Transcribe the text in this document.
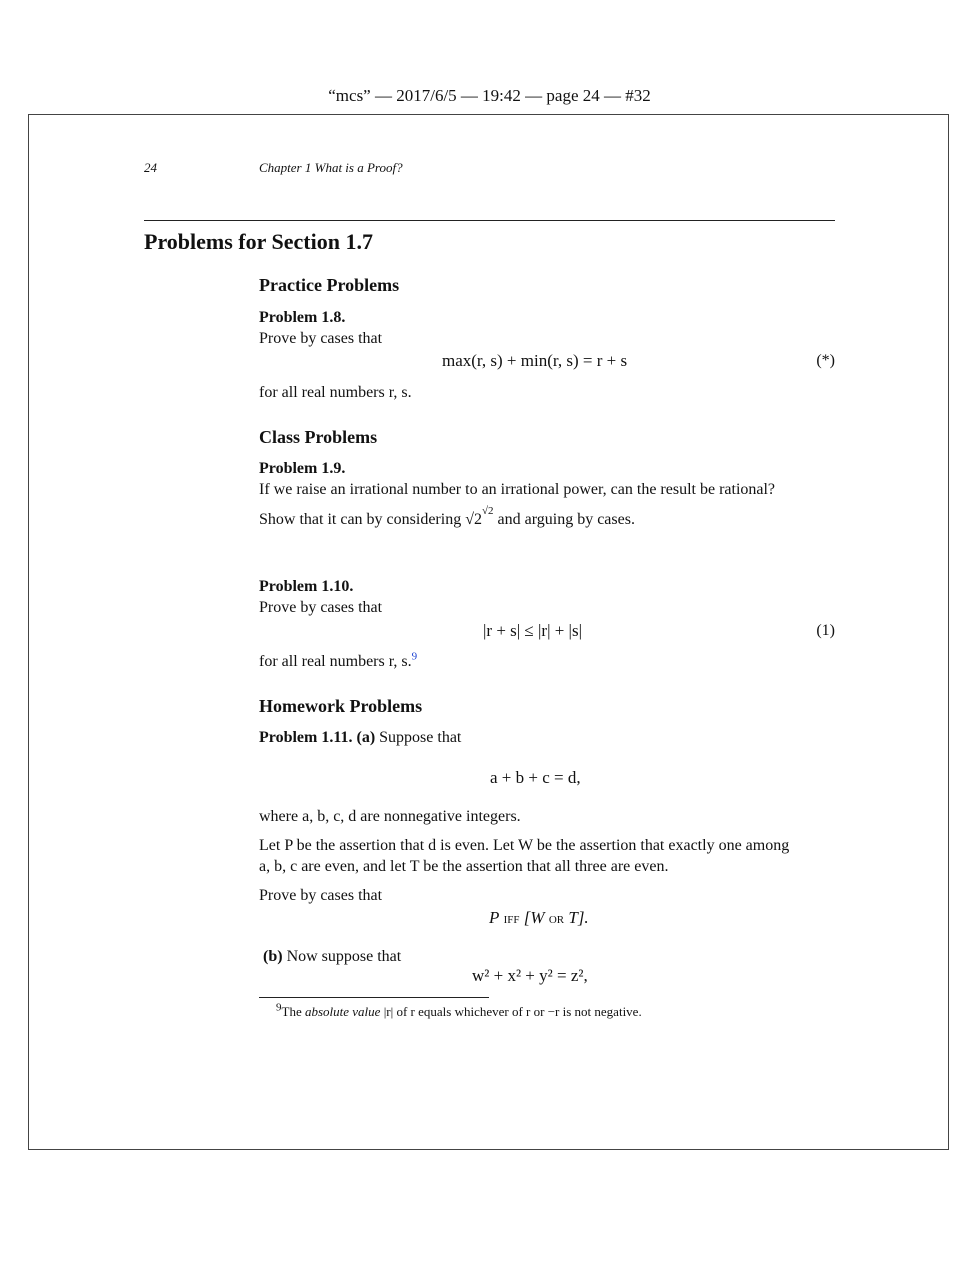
“mcs” — 2017/6/5 — 19:42 — page 24 — #32
24	Chapter 1 What is a Proof?
Problems for Section 1.7
Practice Problems
Problem 1.8.
Prove by cases that
max(r, s) + min(r, s) = r + s	(*)
for all real numbers r, s.
Class Problems
Problem 1.9.
If we raise an irrational number to an irrational power, can the result be rational?
Show that it can by considering $√2^{√2}$ and arguing by cases.
Problem 1.10.
Prove by cases that
|r + s| ≤ |r| + |s|	(1)
for all real numbers r, s.$^9$
Homework Problems
Problem 1.11. (a) Suppose that
a + b + c = d,
where a, b, c, d are nonnegative integers.
Let P be the assertion that d is even. Let W be the assertion that exactly one among
a, b, c are even, and let T be the assertion that all three are even.
Prove by cases that
P iff [W or T].
(b) Now suppose that
w² + x² + y² = z²,
$^9$The absolute value |r| of r equals whichever of r or −r is not negative.
